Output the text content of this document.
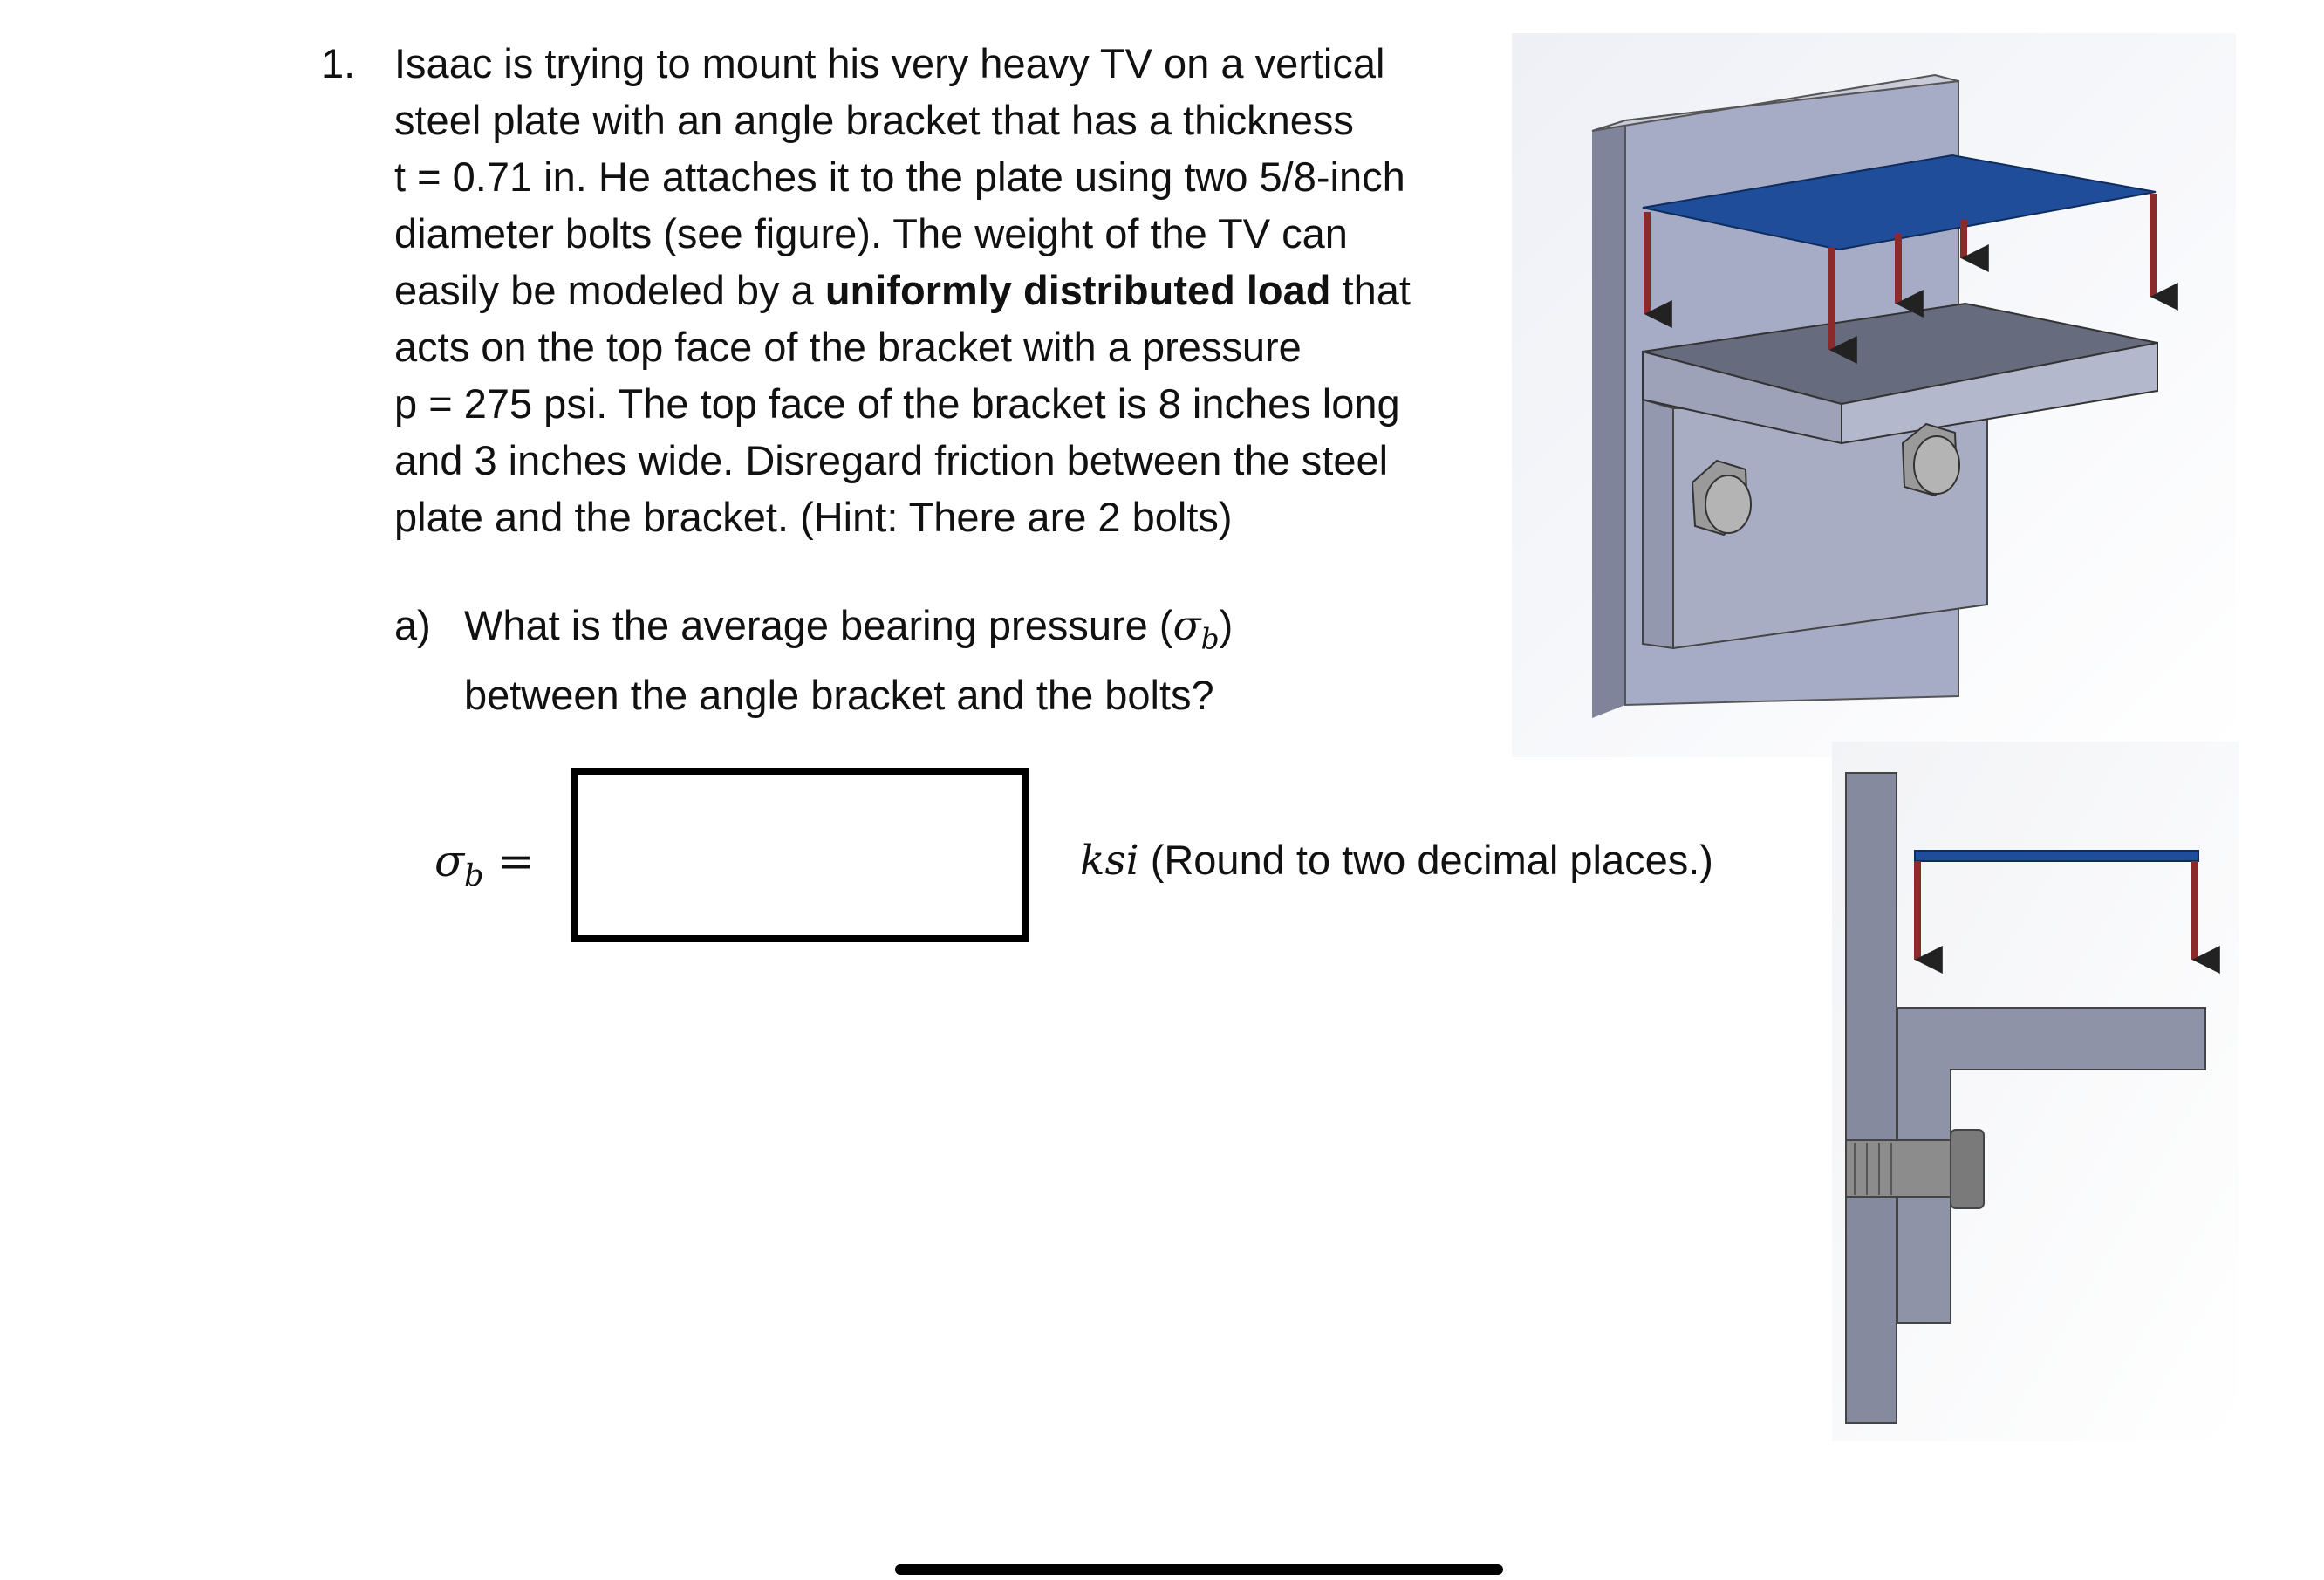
1. Isaac is trying to mount his very heavy TV on a vertical
steel plate with an angle bracket that has a thickness
t = 0.71 in. He attaches it to the plate using two 5/8-inch
diameter bolts (see figure). The weight of the TV can
easily be modeled by a uniformly distributed load that
acts on the top face of the bracket with a pressure
p = 275 psi. The top face of the bracket is 8 inches long
and 3 inches wide. Disregard friction between the steel
plate and the bracket. (Hint: There are 2 bolts)
a) What is the average bearing pressure $(\sigma_b)$
between the angle bracket and the bolts?
$\sigma_b$ =	ksi (Round to two decimal places.)
